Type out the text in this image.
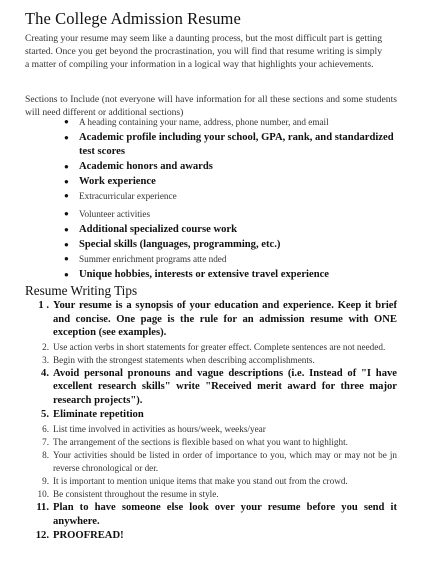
The College Admission Resume

Creating your resume may seem like a daunting process, but the most difficult part is getting started. Once you get beyond the procrastination, you will find that resume writing is simply a matter of compiling your information in a logical way that highlights your achievements.

Sections to Include (not everyone will have information for all these sections and some students will need different or additional sections)

● A heading containing your name, address, phone number, and email
● Academic profile including your school, GPA, rank, and standardized test scores
● Academic honors and awards
● Work experience
● Extracurricular experience
● Volunteer activities
● Additional specialized course work
● Special skills (languages, programming, etc.)
● Summer enrichment programs atte nded
● Unique hobbies, interests or extensive travel experience
Resume Writing Tips
1 . Your resume is a synopsis of your education and experience. Keep it brief and concise. One page is the rule for an admission resume with ONE exception (see examples).
2. Use action verbs in short statements for greater effect. Complete sentences are not needed.
3. Begin with the strongest statements when describing accomplishments.
4. Avoid personal pronouns and vague descriptions (i.e. Instead of "I have excellent research skills" write "Received merit award for three major research projects").
5. Eliminate repetition
6. List time involved in activities as hours/week, weeks/year
7. The arrangement of the sections is flexible based on what you want to highlight.
8. Your activities should be listed in order of importance to you, which may or may not be jn reverse chronological or der.
9. It is important to mention unique items that make you stand out from the crowd.
10. Be consistent throughout the resume in style.
11. Plan to have someone else look over your resume before you send it anywhere.
12. PROOFREAD!
